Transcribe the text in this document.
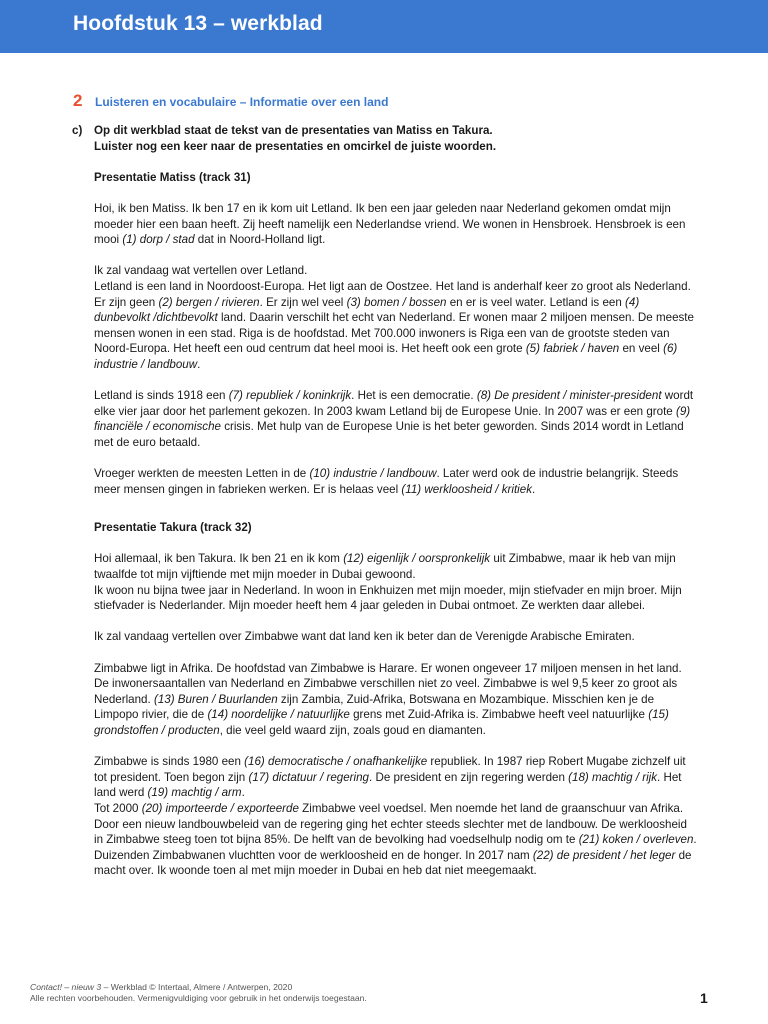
Hoofdstuk 13 – werkblad
2 Luisteren en vocabulaire – Informatie over een land
c) Op dit werkblad staat de tekst van de presentaties van Matiss en Takura.

Luister nog een keer naar de presentaties en omcirkel de juiste woorden.

Presentatie Matiss (track 31)

Hoi, ik ben Matiss. Ik ben 17 en ik kom uit Letland. Ik ben een jaar geleden naar Nederland gekomen omdat mijn moeder hier een baan heeft. Zij heeft namelijk een Nederlandse vriend. We wonen in Hensbroek. Hensbroek is een mooi (1) dorp / stad dat in Noord-Holland ligt.

Ik zal vandaag wat vertellen over Letland.

Letland is een land in Noordoost-Europa. Het ligt aan de Oostzee. Het land is anderhalf keer zo groot als Nederland. Er zijn geen (2) bergen / rivieren. Er zijn wel veel (3) bomen / bossen en er is veel water. Letland is een (4) dunbevolkt /dichtbevolkt land. Daarin verschilt het echt van Nederland. Er wonen maar 2 miljoen mensen. De meeste mensen wonen in een stad. Riga is de hoofdstad. Met 700.000 inwoners is Riga een van de grootste steden van Noord-Europa. Het heeft een oud centrum dat heel mooi is. Het heeft ook een grote (5) fabriek / haven en veel (6) industrie / landbouw.

Letland is sinds 1918 een (7) republiek / koninkrijk. Het is een democratie. (8) De president / minister-president wordt elke vier jaar door het parlement gekozen. In 2003 kwam Letland bij de Europese Unie. In 2007 was er een grote (9) financiële / economische crisis. Met hulp van de Europese Unie is het beter geworden. Sinds 2014 wordt in Letland met de euro betaald.

Vroeger werkten de meesten Letten in de (10) industrie / landbouw. Later werd ook de industrie belangrijk. Steeds meer mensen gingen in fabrieken werken. Er is helaas veel (11) werkloosheid / kritiek.

Presentatie Takura (track 32)

Hoi allemaal, ik ben Takura. Ik ben 21 en ik kom (12) eigenlijk / oorspronkelijk uit Zimbabwe, maar ik heb van mijn twaalfde tot mijn vijftiende met mijn moeder in Dubai gewoond.

Ik woon nu bijna twee jaar in Nederland. In woon in Enkhuizen met mijn moeder, mijn stiefvader en mijn broer. Mijn stiefvader is Nederlander. Mijn moeder heeft hem 4 jaar geleden in Dubai ontmoet. Ze werkten daar allebei.

Ik zal vandaag vertellen over Zimbabwe want dat land ken ik beter dan de Verenigde Arabische Emiraten.

Zimbabwe ligt in Afrika. De hoofdstad van Zimbabwe is Harare. Er wonen ongeveer 17 miljoen mensen in het land. De inwonersaantallen van Nederland en Zimbabwe verschillen niet zo veel. Zimbabwe is wel 9,5 keer zo groot als Nederland. (13) Buren / Buurlanden zijn Zambia, Zuid-Afrika, Botswana en Mozambique. Misschien ken je de Limpopo rivier, die de (14) noordelijke / natuurlijke grens met Zuid-Afrika is. Zimbabwe heeft veel natuurlijke (15) grondstoffen / producten, die veel geld waard zijn, zoals goud en diamanten.

Zimbabwe is sinds 1980 een (16) democratische / onafhankelijke republiek. In 1987 riep Robert Mugabe zichzelf uit tot president. Toen begon zijn (17) dictatuur / regering. De president en zijn regering werden (18) machtig / rijk. Het land werd (19) machtig / arm.

Tot 2000 (20) importeerde / exporteerde Zimbabwe veel voedsel. Men noemde het land de graanschuur van Afrika. Door een nieuw landbouwbeleid van de regering ging het echter steeds slechter met de landbouw. De werkloosheid in Zimbabwe steeg toen tot bijna 85%. De helft van de bevolking had voedselhulp nodig om te (21) koken / overleven. Duizenden Zimbabwanen vluchtten voor de werkloosheid en de honger. In 2017 nam (22) de president / het leger de macht over. Ik woonde toen al met mijn moeder in Dubai en heb dat niet meegemaakt.

Contact! – nieuw 3 – Werkblad © Intertaal, Almere / Antwerpen, 2020
Alle rechten voorbehouden. Vermenigvuldiging voor gebruik in het onderwijs toegestaan.	1
